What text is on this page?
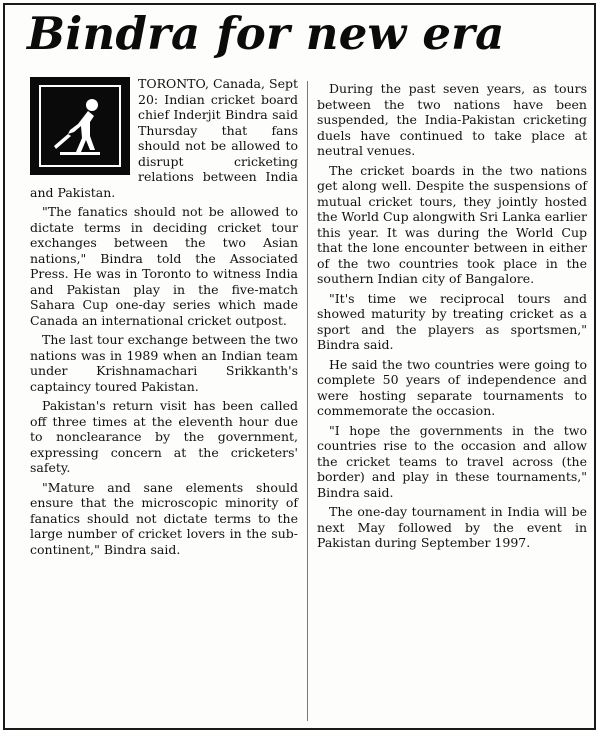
Bindra for new era

TORONTO, Canada, Sept 20: Indian cricket board chief Inderjit Bindra said Thursday that fans should not be allowed to disrupt cricketing relations between India and Pakistan.

"The fanatics should not be allowed to dictate terms in deciding cricket tour exchanges between the two Asian nations," Bindra told the Associated Press. He was in Toronto to witness India and Pakistan play in the five-match Sahara Cup one-day series which made Canada an international cricket outpost.

The last tour exchange between the two nations was in 1989 when an Indian team under Krishnamachari Srikkanth's captaincy toured Pakistan.

Pakistan's return visit has been called off three times at the eleventh hour due to nonclearance by the government, expressing concern at the cricketers' safety.

"Mature and sane elements should ensure that the microscopic minority of fanatics should not dictate terms to the large number of cricket lovers in the sub-continent," Bindra said.

During the past seven years, as tours between the two nations have been suspended, the India-Pakistan cricketing duels have continued to take place at neutral venues.

The cricket boards in the two nations get along well. Despite the suspensions of mutual cricket tours, they jointly hosted the World Cup alongwith Sri Lanka earlier this year. It was during the World Cup that the lone encounter between in either of the two countries took place in the southern Indian city of Bangalore.

"It's time we reciprocal tours and showed maturity by treating cricket as a sport and the players as sportsmen," Bindra said.

He said the two countries were going to complete 50 years of independence and were hosting separate tournaments to commemorate the occasion.

"I hope the governments in the two countries rise to the occasion and allow the cricket teams to travel across (the border) and play in these tournaments," Bindra said.

The one-day tournament in India will be next May followed by the event in Pakistan during September 1997.
